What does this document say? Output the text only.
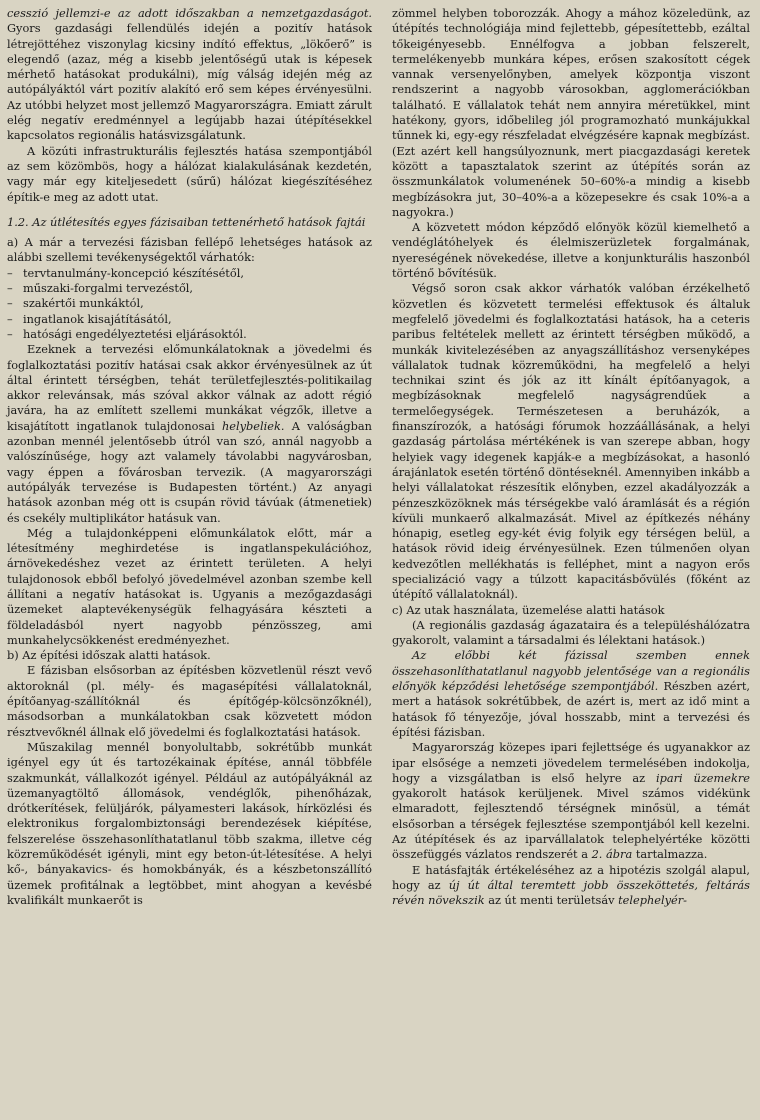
cesszió jellemzi-e az adott időszakban a nemzetgazdaságot. Gyors gazdasági fellendülés idején a pozitív hatások létrejöttéhez viszonylag kicsiny indító effektus, „lökőerő” is elegendő (azaz, még a kisebb jelentőségű utak is képesek mérhető hatásokat produkálni), míg válság idején még az autópályáktól várt pozitív alakító erő sem képes érvényesülni. Az utóbbi helyzet most jellemző Magyarországra. Emiatt zárult elég negatív eredménnyel a legújabb hazai útépítésekkel kapcsolatos regionális hatásvizsgálatunk.

A közúti infrastrukturális fejlesztés hatása szempontjából az sem közömbös, hogy a hálózat kialakulásának kezdetén, vagy már egy kiteljesedett (sűrű) hálózat kiegészítéséhez építik-e meg az adott utat.

1.2. Az útlétesítés egyes fázisaiban tettenérhető hatások fajtái

a) A már a tervezési fázisban fellépő lehetséges hatások az alábbi szellemi tevékenységektől várhatók:

– tervtanulmány-koncepció készítésétől,
– műszaki-forgalmi tervezéstől,
– szakértői munkáktól,
– ingatlanok kisajátításától,
– hatósági engedélyeztetési eljárásoktól.

Ezeknek a tervezési előmunkálatoknak a jövedelmi és foglalkoztatási pozitív hatásai csak akkor érvényesülnek az út által érintett térségben, tehát területfejlesztés-politikailag akkor relevánsak, más szóval akkor válnak az adott régió javára, ha az említett szellemi munkákat végzők, illetve a kisajátított ingatlanok tulajdonosai helybeliek. A valóságban azonban mennél jelentősebb útról van szó, annál nagyobb a valószínűsége, hogy azt valamely távolabbi nagyvárosban, vagy éppen a fővárosban tervezik. (A magyarországi autópályák tervezése is Budapesten történt.) Az anyagi hatások azonban még ott is csupán rövid távúak (átmenetiek) és csekély multiplikátor hatásuk van.

Még a tulajdonképpeni előmunkálatok előtt, már a létesítmény meghirdetése is ingatlanspekulációhoz, árnövekedéshez vezet az érintett területen. A helyi tulajdonosok ebből befolyó jövedelmével azonban szembe kell állítani a negatív hatásokat is. Ugyanis a mezőgazdasági üzemeket alaptevékenységük felhagyására készteti a földeladásból nyert nagyobb pénzösszeg, ami munkahelycsökkenést eredményezhet.

b) Az építési időszak alatti hatások.

E fázisban elsősorban az építésben közvetlenül részt vevő aktoroknál (pl. mély- és magasépítési vállalatoknál, építőanyag-szállítóknál és építőgép-kölcsönzőknél), másodsorban a munkálatokban csak közvetett módon résztvevőknél állnak elő jövedelmi és foglalkoztatási hatások.

Műszakilag mennél bonyolultabb, sokrétűbb munkát igényel egy út és tartozékainak építése, annál többféle szakmunkát, vállalkozót igényel. Például az autópályáknál az üzemanyagtöltő állomások, vendéglők, pihenőházak, drótkerítések, felüljárók, pályamesteri lakások, hírközlési és elektronikus forgalombiztonsági berendezések kiépítése, felszerelése összehasonlíthatatlanul több szakma, illetve cég közreműködését igényli, mint egy beton-út-létesítése. A helyi kő-, bányakavics- és homokbányák, és a készbetonszállító üzemek profitálnak a legtöbbet, mint ahogyan a kevésbé kvalifikált munkaerőt is

zömmel helyben toborozzák. Ahogy a mához közeledünk, az útépítés technológiája mind fejlettebb, gépesítettebb, ezáltal tőkeigényesebb. Ennélfogva a jobban felszerelt, termelékenyebb munkára képes, erősen szakosított cégek vannak versenyelőnyben, amelyek központja viszont rendszerint a nagyobb városokban, agglomerációkban található. E vállalatok tehát nem annyira méretükkel, mint hatékony, gyors, időbelileg jól programozható munkájukkal tűnnek ki, egy-egy részfeladat elvégzésére kapnak megbízást. (Ezt azért kell hangsúlyoznunk, mert piacgazdasági keretek között a tapasztalatok szerint az útépítés során az összmunkálatok volumenének 50–60%-a mindig a kisebb megbízásokra jut, 30–40%-a a közepesekre és csak 10%-a a nagyokra.)

A közvetett módon képződő előnyök közül kiemelhető a vendéglátóhelyek és élelmiszerüzletek forgalmának, nyereségének növekedése, illetve a konjunkturális haszonból történő bővítésük.

Végső soron csak akkor várhatók valóban érzékelhető közvetlen és közvetett termelési effektusok és általuk megfelelő jövedelmi és foglalkoztatási hatások, ha a ceteris paribus feltételek mellett az érintett térségben működő, a munkák kivitelezésében az anyagszállításhoz versenyképes vállalatok tudnak közreműködni, ha megfelelő a helyi technikai szint és jók az itt kínált építőanyagok, a megbízásoknak megfelelő nagyságrendűek a termelőegységek. Természetesen a beruházók, a finanszírozók, a hatósági fórumok hozzáállásának, a helyi gazdaság pártolása mértékének is van szerepe abban, hogy helyiek vagy idegenek kapják-e a megbízásokat, a hasonló árajánlatok esetén történő döntéseknél. Amennyiben inkább a helyi vállalatokat részesítik előnyben, ezzel akadályozzák a pénzeszközöknek más térségekbe való áramlását és a régión kívüli munkaerő alkalmazását. Mivel az építkezés néhány hónapig, esetleg egy-két évig folyik egy térségen belül, a hatások rövid ideig érvényesülnek. Ezen túlmenően olyan kedvezőtlen mellékhatás is felléphet, mint a nagyon erős specializáció vagy a túlzott kapacitásbővülés (főként az útépítő vállalatoknál).

c) Az utak használata, üzemelése alatti hatások

(A regionális gazdaság ágazataira és a településhálózatra gyakorolt, valamint a társadalmi és lélektani hatások.)

Az előbbi két fázissal szemben ennek összehasonlíthatatlanul nagyobb jelentősége van a regionális előnyök képződési lehetősége szempontjából. Részben azért, mert a hatások sokrétűbbek, de azért is, mert az idő mint a hatások fő tényezője, jóval hosszabb, mint a tervezési és építési fázisban.

Magyarország közepes ipari fejlettsége és ugyanakkor az ipar elsősége a nemzeti jövedelem termelésében indokolja, hogy a vizsgálatban is első helyre az ipari üzemekre gyakorolt hatások kerüljenek. Mivel számos vidékünk elmaradott, fejlesztendő térségnek minősül, a témát elsősorban a térségek fejlesztése szempontjából kell kezelni. Az útépítések és az iparvállalatok telephelyértéke közötti összefüggés vázlatos rendszerét a 2. ábra tartalmazza.

E hatásfajták értékeléséhez az a hipotézis szolgál alapul, hogy az új út által teremtett jobb összeköttetés, feltárás révén növekszik az út menti területsáv telephelyér-
